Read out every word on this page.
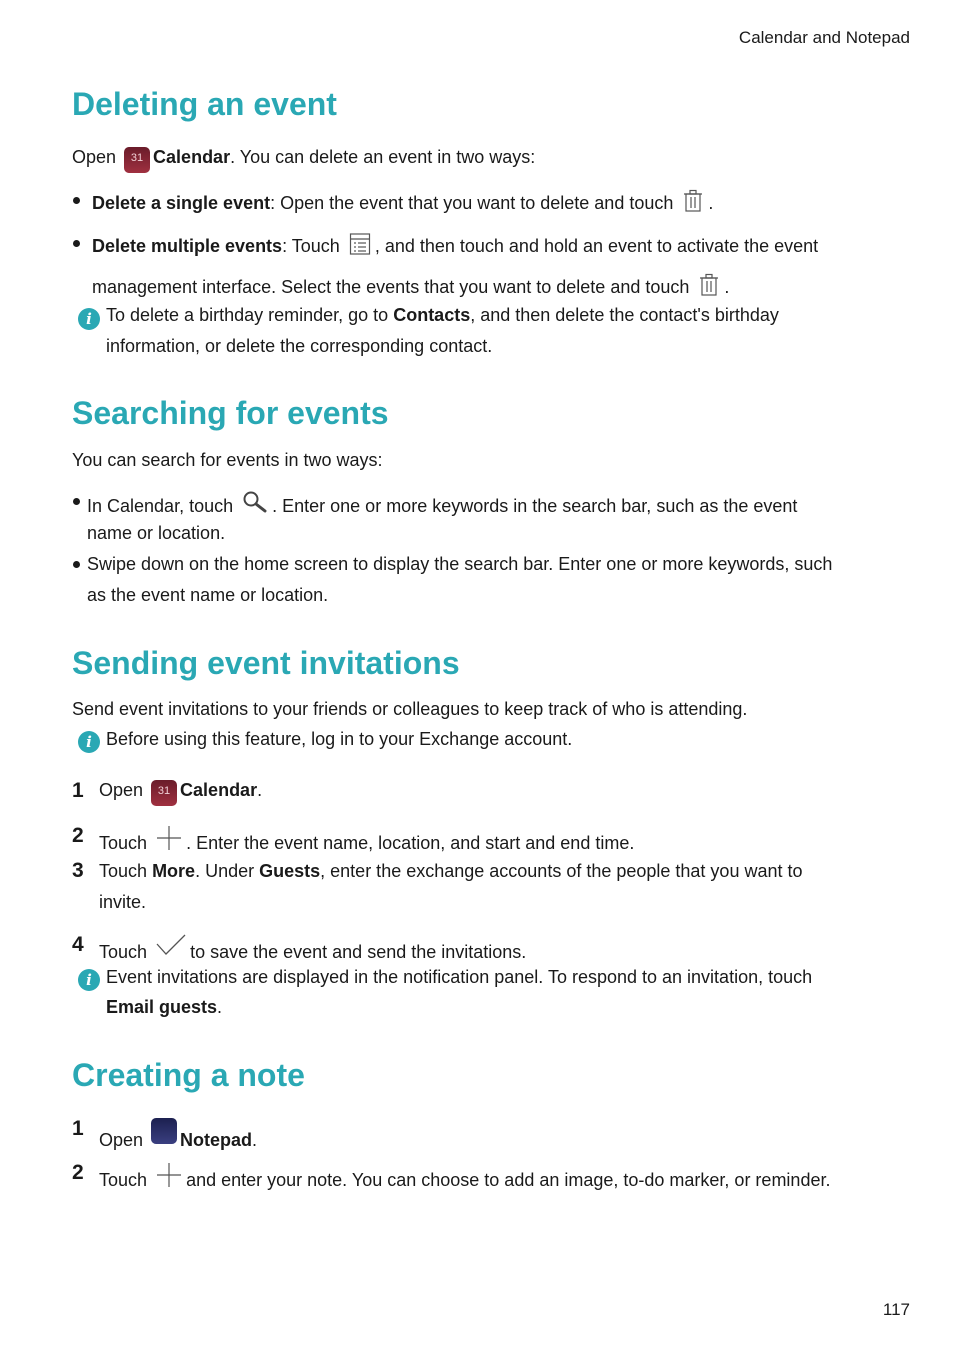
Calendar and Notepad
117
Deleting an event
Open 31 Calendar. You can delete an event in two ways:
Delete a single event: Open the event that you want to delete and touch .
Delete multiple events: Touch , and then touch and hold an event to activate the event
management interface. Select the events that you want to delete and touch .
i To delete a birthday reminder, go to Contacts, and then delete the contact's birthday
information, or delete the corresponding contact.
Searching for events
You can search for events in two ways:
In Calendar, touch . Enter one or more keywords in the search bar, such as the event
name or location.
Swipe down on the home screen to display the search bar. Enter one or more keywords, such
as the event name or location.
Sending event invitations
Send event invitations to your friends or colleagues to keep track of who is attending.
i Before using this feature, log in to your Exchange account.
1 Open 31 Calendar.
2 Touch . Enter the event name, location, and start and end time.
3 Touch More. Under Guests, enter the exchange accounts of the people that you want to
invite.
4 Touch to save the event and send the invitations.
i Event invitations are displayed in the notification panel. To respond to an invitation, touch
Email guests.
Creating a note
1 Open Notepad.
2 Touch and enter your note. You can choose to add an image, to-do marker, or reminder.
